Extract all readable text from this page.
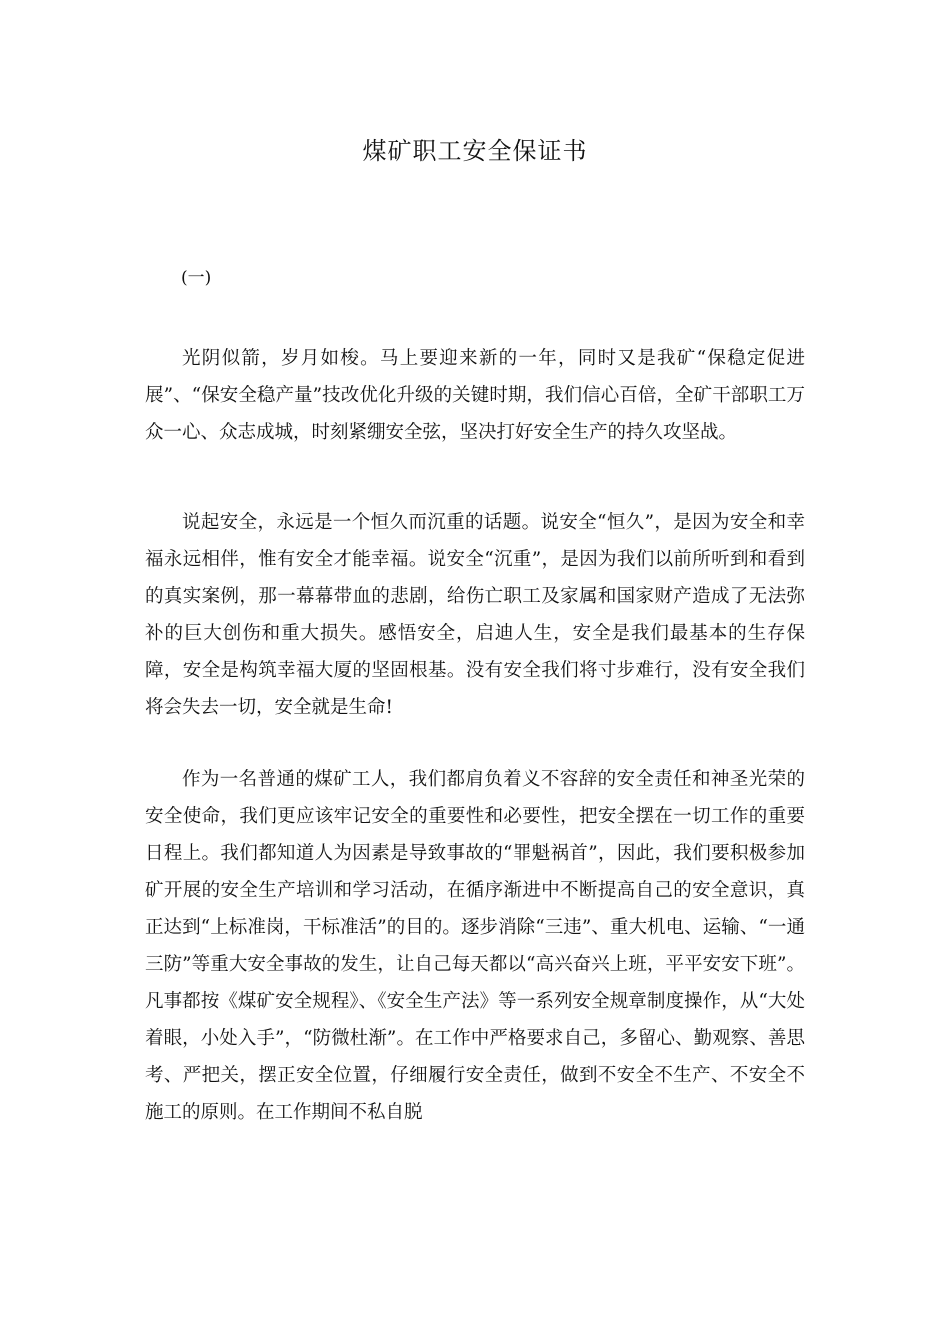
煤矿职工安全保证书
(一)

光阴似箭，岁月如梭。马上要迎来新的一年，同时又是我矿“保稳定促进展”、“保安全稳产量”技改优化升级的关键时期，我们信心百倍，全矿干部职工万众一心、众志成城，时刻紧绷安全弦，坚决打好安全生产的持久攻坚战。

说起安全，永远是一个恒久而沉重的话题。说安全“恒久”，是因为安全和幸福永远相伴，惟有安全才能幸福。说安全“沉重”，是因为我们以前所听到和看到的真实案例，那一幕幕带血的悲剧，给伤亡职工及家属和国家财产造成了无法弥补的巨大创伤和重大损失。感悟安全，启迪人生，安全是我们最基本的生存保障，安全是构筑幸福大厦的坚固根基。没有安全我们将寸步难行，没有安全我们将会失去一切，安全就是生命!

作为一名普通的煤矿工人，我们都肩负着义不容辞的安全责任和神圣光荣的安全使命，我们更应该牢记安全的重要性和必要性，把安全摆在一切工作的重要日程上。我们都知道人为因素是导致事故的“罪魁祸首”，因此，我们要积极参加矿开展的安全生产培训和学习活动，在循序渐进中不断提高自己的安全意识，真正达到“上标准岗，干标准活”的目的。逐步消除“三违”、重大机电、运输、“一通三防”等重大安全事故的发生，让自己每天都以“高兴奋兴上班，平平安安下班”。凡事都按《煤矿安全规程》、《安全生产法》等一系列安全规章制度操作，从“大处着眼，小处入手”，“防微杜渐”。在工作中严格要求自己，多留心、勤观察、善思考、严把关，摆正安全位置，仔细履行安全责任，做到不安全不生产、不安全不施工的原则。在工作期间不私自脱
